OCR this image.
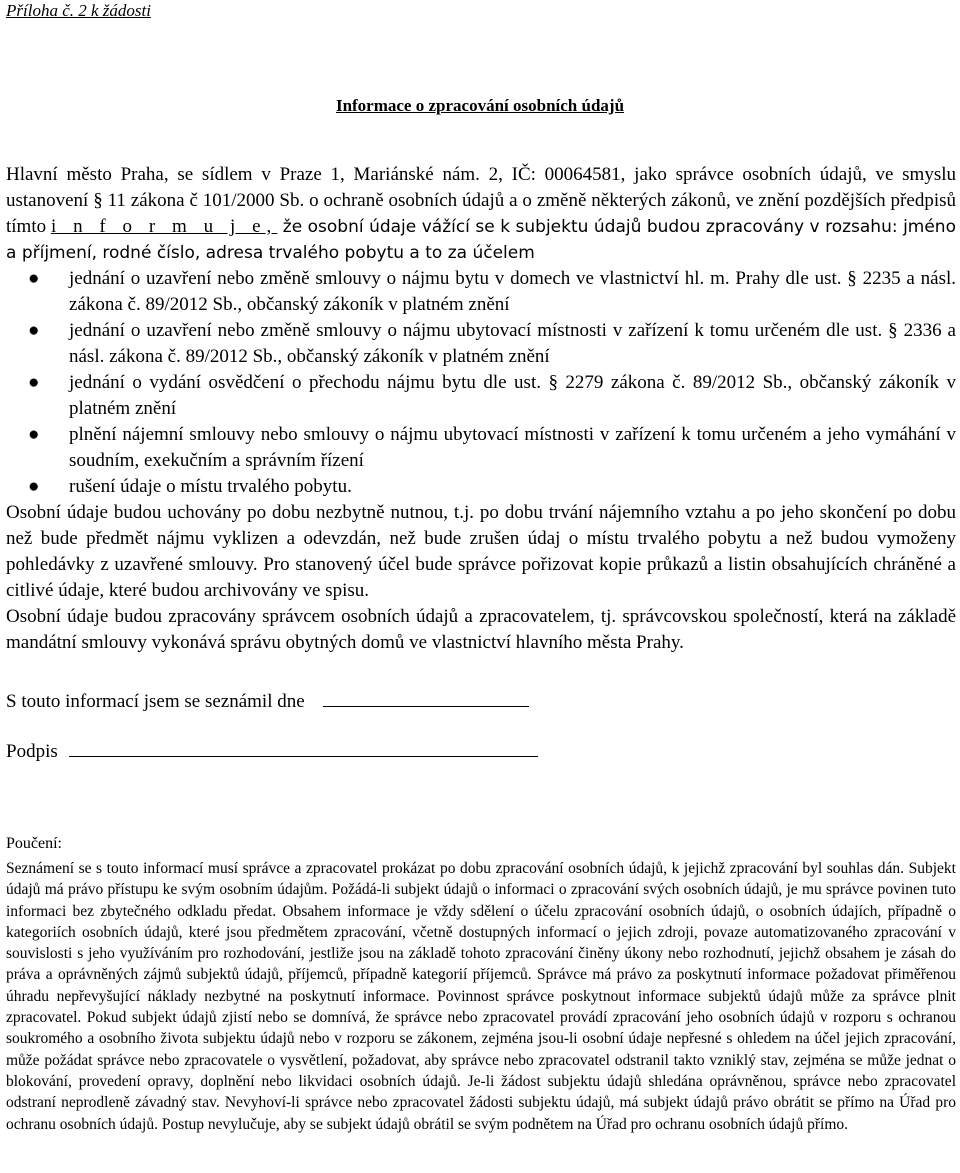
Příloha č. 2 k žádosti
Informace o zpracování osobních údajů

Hlavní město Praha, se sídlem v Praze 1, Mariánské nám. 2, IČ: 00064581, jako správce osobních údajů, ve smyslu ustanovení § 11 zákona č 101/2000 Sb. o ochraně osobních údajů a o změně některých zákonů, ve znění pozdějších předpisů tímto i n f o r m u j e, že osobní údaje vážící se k subjektu údajů budou zpracovány v rozsahu: jméno a příjmení, rodné číslo, adresa trvalého pobytu a to za účelem

● jednání o uzavření nebo změně smlouvy o nájmu bytu v domech ve vlastnictví hl. m. Prahy dle ust. § 2235 a násl. zákona č. 89/2012 Sb., občanský zákoník v platném znění
● jednání o uzavření nebo změně smlouvy o nájmu ubytovací místnosti v zařízení k tomu určeném dle ust. § 2336 a násl. zákona č. 89/2012 Sb., občanský zákoník v platném znění
● jednání o vydání osvědčení o přechodu nájmu bytu dle ust. § 2279 zákona č. 89/2012 Sb., občanský zákoník v platném znění
● plnění nájemní smlouvy nebo smlouvy o nájmu ubytovací místnosti v zařízení k tomu určeném a jeho vymáhání v soudním, exekučním a správním řízení
● rušení údaje o místu trvalého pobytu.

Osobní údaje budou uchovány po dobu nezbytně nutnou, t.j. po dobu trvání nájemního vztahu a po jeho skončení po dobu než bude předmět nájmu vyklizen a odevzdán, než bude zrušen údaj o místu trvalého pobytu a než budou vymoženy pohledávky z uzavřené smlouvy. Pro stanovený účel bude správce pořizovat kopie průkazů a listin obsahujících chráněné a citlivé údaje, které budou archivovány ve spisu.

Osobní údaje budou zpracovány správcem osobních údajů a zpracovatelem, tj. správcovskou společností, která na základě mandátní smlouvy vykonává správu obytných domů ve vlastnictví hlavního města Prahy.

S touto informací jsem se seznámil dne
Podpis
Poučení:

Seznámení se s touto informací musí správce a zpracovatel prokázat po dobu zpracování osobních údajů, k jejichž zpracování byl souhlas dán. Subjekt údajů má právo přístupu ke svým osobním údajům. Požádá-li subjekt údajů o informaci o zpracování svých osobních údajů, je mu správce povinen tuto informaci bez zbytečného odkladu předat. Obsahem informace je vždy sdělení o účelu zpracování osobních údajů, o osobních údajích, případně o kategoriích osobních údajů, které jsou předmětem zpracování, včetně dostupných informací o jejich zdroji, povaze automatizovaného zpracování v souvislosti s jeho využíváním pro rozhodování, jestliže jsou na základě tohoto zpracování činěny úkony nebo rozhodnutí, jejichž obsahem je zásah do práva a oprávněných zájmů subjektů údajů, příjemců, případně kategorií příjemců. Správce má právo za poskytnutí informace požadovat přiměřenou úhradu nepřevyšující náklady nezbytné na poskytnutí informace. Povinnost správce poskytnout informace subjektů údajů může za správce plnit zpracovatel. Pokud subjekt údajů zjistí nebo se domnívá, že správce nebo zpracovatel provádí zpracování jeho osobních údajů v rozporu s ochranou soukromého a osobního života subjektu údajů nebo v rozporu se zákonem, zejména jsou-li osobní údaje nepřesné s ohledem na účel jejich zpracování, může požádat správce nebo zpracovatele o vysvětlení, požadovat, aby správce nebo zpracovatel odstranil takto vzniklý stav, zejména se může jednat o blokování, provedení opravy, doplnění nebo likvidaci osobních údajů. Je-li žádost subjektu údajů shledána oprávněnou, správce nebo zpracovatel odstraní neprodleně závadný stav. Nevyhoví-li správce nebo zpracovatel žádosti subjektu údajů, má subjekt údajů právo obrátit se přímo na Úřad pro ochranu osobních údajů. Postup nevylučuje, aby se subjekt údajů obrátil se svým podnětem na Úřad pro ochranu osobních údajů přímo.
